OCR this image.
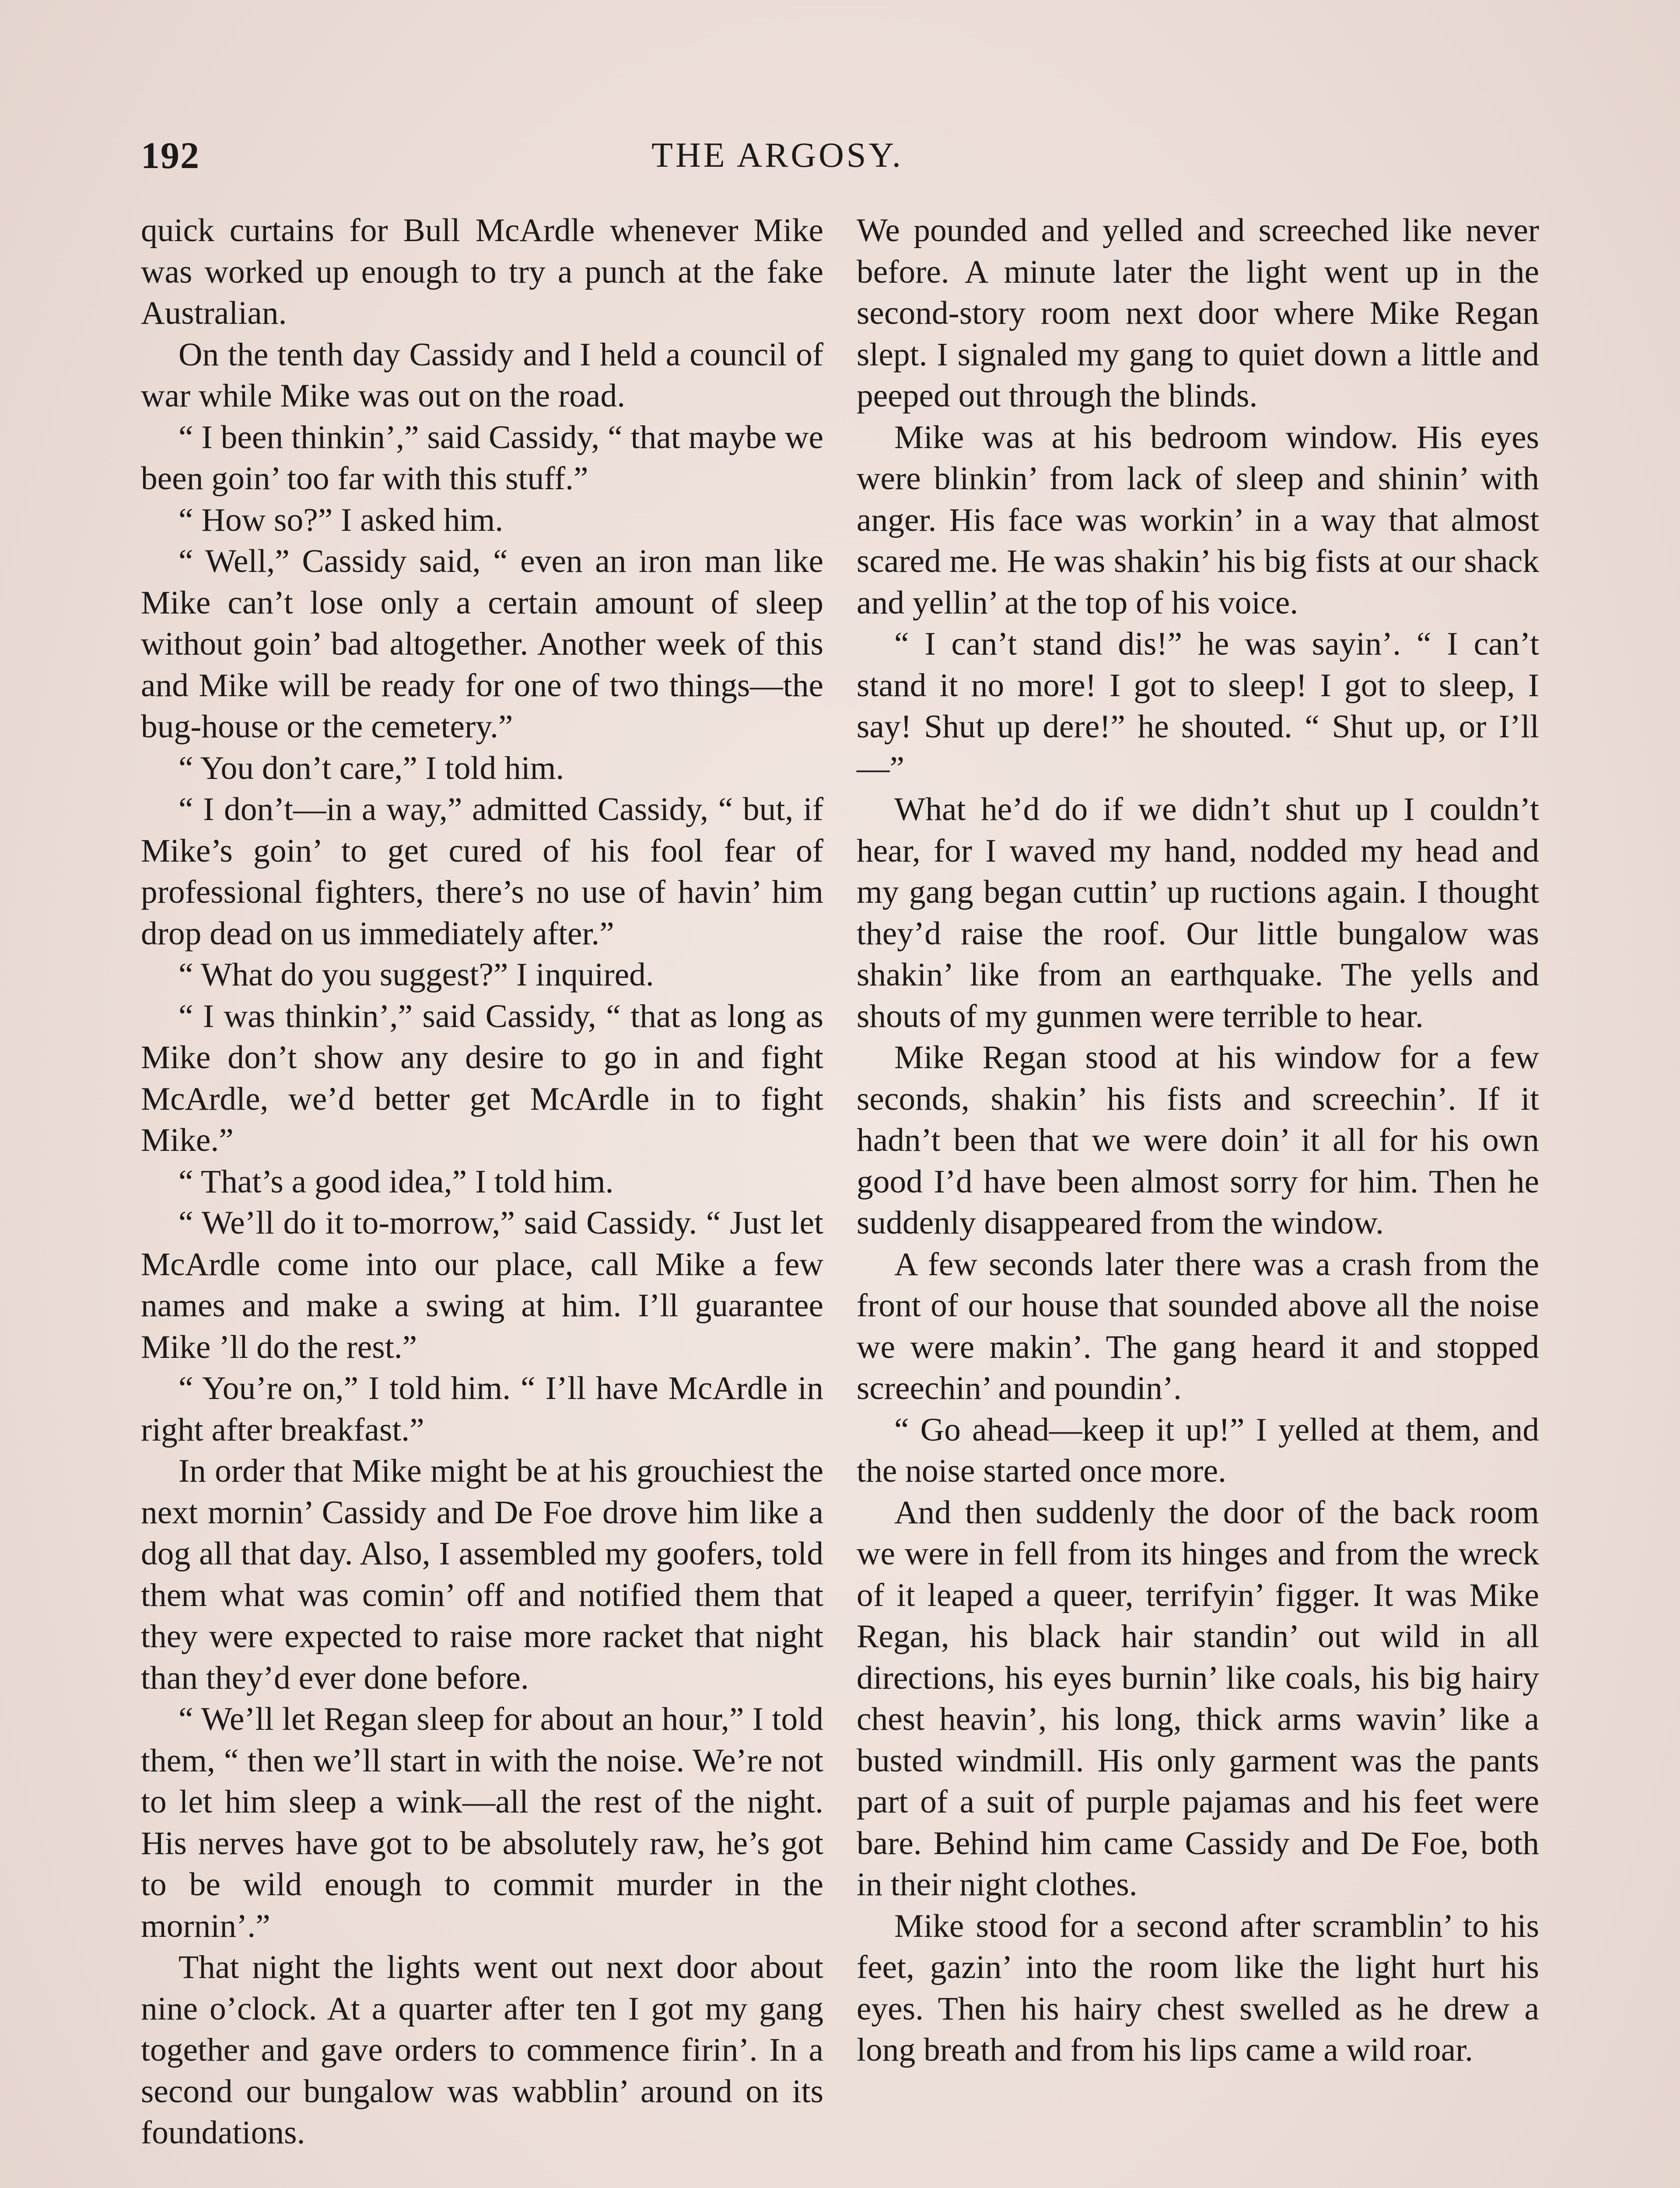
192	THE ARGOSY.

quick curtains for Bull McArdle whenever Mike was worked up enough to try a punch at the fake Australian.

On the tenth day Cassidy and I held a council of war while Mike was out on the road.

“ I been thinkin’,” said Cassidy, “ that maybe we been goin’ too far with this stuff.”

“ How so?” I asked him.

“ Well,” Cassidy said, “ even an iron man like Mike can’t lose only a certain amount of sleep without goin’ bad altogether. Another week of this and Mike will be ready for one of two things—the bug-house or the cemetery.”

“ You don’t care,” I told him.

“ I don’t—in a way,” admitted Cassidy, “ but, if Mike’s goin’ to get cured of his fool fear of professional fighters, there’s no use of havin’ him drop dead on us immediately after.”

“ What do you suggest?” I inquired.

“ I was thinkin’,” said Cassidy, “ that as long as Mike don’t show any desire to go in and fight McArdle, we’d better get McArdle in to fight Mike.”

“ That’s a good idea,” I told him.

“ We’ll do it to-morrow,” said Cassidy. “ Just let McArdle come into our place, call Mike a few names and make a swing at him. I’ll guarantee Mike ’ll do the rest.”

“ You’re on,” I told him. “ I’ll have McArdle in right after breakfast.”

In order that Mike might be at his grouchiest the next mornin’ Cassidy and De Foe drove him like a dog all that day. Also, I assembled my goofers, told them what was comin’ off and notified them that they were expected to raise more racket that night than they’d ever done before.

“ We’ll let Regan sleep for about an hour,” I told them, “ then we’ll start in with the noise. We’re not to let him sleep a wink—all the rest of the night. His nerves have got to be absolutely raw, he’s got to be wild enough to commit murder in the mornin’.”

That night the lights went out next door about nine o’clock. At a quarter after ten I got my gang together and gave orders to commence firin’. In a second our bungalow was wabblin’ around on its foundations.

We pounded and yelled and screeched like never before. A minute later the light went up in the second-story room next door where Mike Regan slept. I signaled my gang to quiet down a little and peeped out through the blinds.

Mike was at his bedroom window. His eyes were blinkin’ from lack of sleep and shinin’ with anger. His face was workin’ in a way that almost scared me. He was shakin’ his big fists at our shack and yellin’ at the top of his voice.

“ I can’t stand dis!” he was sayin’. “ I can’t stand it no more! I got to sleep! I got to sleep, I say! Shut up dere!” he shouted. “ Shut up, or I’ll—”

What he’d do if we didn’t shut up I couldn’t hear, for I waved my hand, nodded my head and my gang began cuttin’ up ructions again. I thought they’d raise the roof. Our little bungalow was shakin’ like from an earthquake. The yells and shouts of my gunmen were terrible to hear.

Mike Regan stood at his window for a few seconds, shakin’ his fists and screechin’. If it hadn’t been that we were doin’ it all for his own good I’d have been almost sorry for him. Then he suddenly disappeared from the window.

A few seconds later there was a crash from the front of our house that sounded above all the noise we were makin’. The gang heard it and stopped screechin’ and poundin’.

“ Go ahead—keep it up!” I yelled at them, and the noise started once more.

And then suddenly the door of the back room we were in fell from its hinges and from the wreck of it leaped a queer, terrifyin’ figger. It was Mike Regan, his black hair standin’ out wild in all directions, his eyes burnin’ like coals, his big hairy chest heavin’, his long, thick arms wavin’ like a busted windmill. His only garment was the pants part of a suit of purple pajamas and his feet were bare. Behind him came Cassidy and De Foe, both in their night clothes.

Mike stood for a second after scramblin’ to his feet, gazin’ into the room like the light hurt his eyes. Then his hairy chest swelled as he drew a long breath and from his lips came a wild roar.
